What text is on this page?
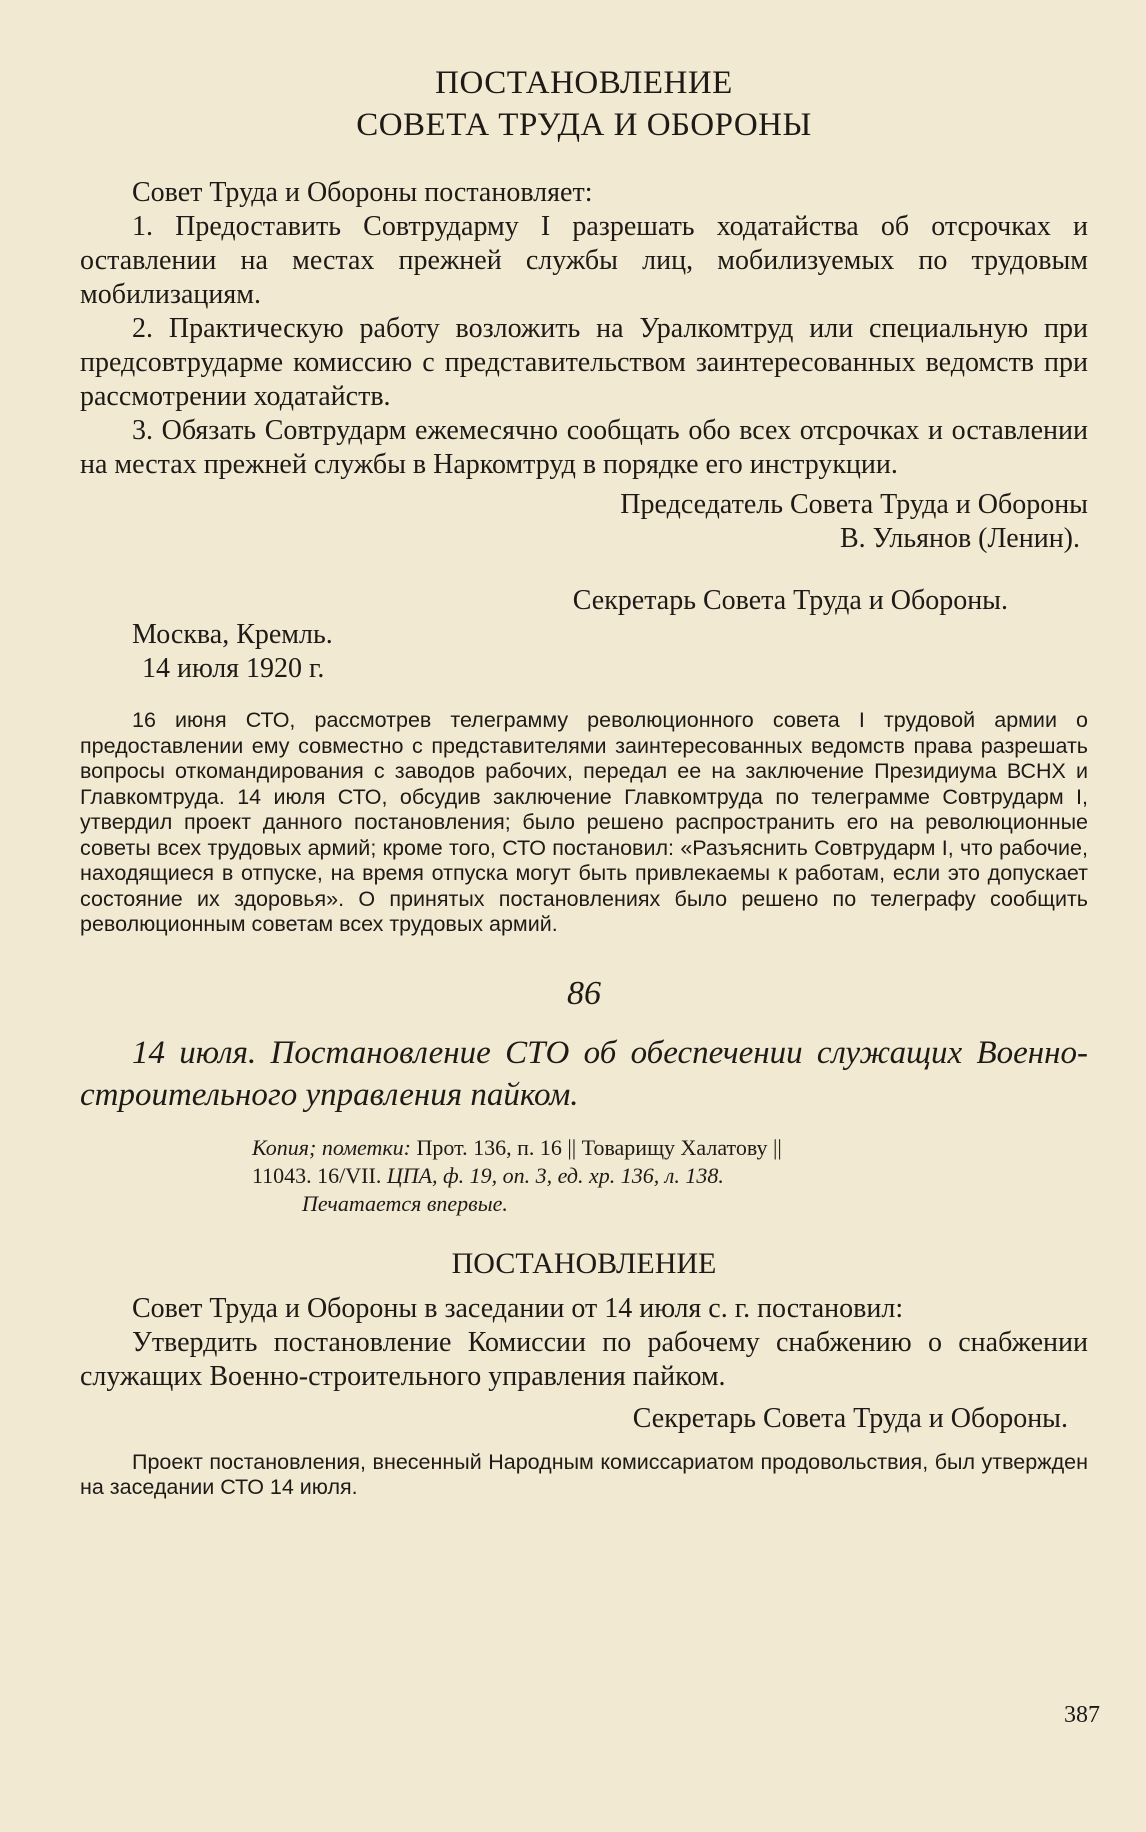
ПОСТАНОВЛЕНИЕ

СОВЕТА ТРУДА И ОБОРОНЫ

Совет Труда и Обороны постановляет:

1. Предоставить Совтрударму I разрешать ходатайства об отсрочках и оставлении на местах прежней службы лиц, мобилизуемых по трудовым мобилизациям.

2. Практическую работу возложить на Уралкомтруд или специальную при предсовтрударме комиссию с представительством заинтересованных ведомств при рассмотрении ходатайств.

3. Обязать Совтрударм ежемесячно сообщать обо всех отсрочках и оставлении на местах прежней службы в Наркомтруд в порядке его инструкции.

Председатель Совета Труда и Обороны

В. Ульянов (Ленин).

Секретарь Совета Труда и Обороны.

Москва, Кремль.

14 июля 1920 г.

16 июня СТО, рассмотрев телеграмму революционного совета I трудовой армии о предоставлении ему совместно с представителями заинтересованных ведомств права разрешать вопросы откомандирования с заводов рабочих, передал ее на заключение Президиума ВСНХ и Главкомтруда. 14 июля СТО, обсудив заключение Главкомтруда по телеграмме Совтрударм I, утвердил проект данного постановления; было решено распространить его на революционные советы всех трудовых армий; кроме того, СТО постановил: «Разъяснить Совтрударм I, что рабочие, находящиеся в отпуске, на время отпуска могут быть привлекаемы к работам, если это допускает состояние их здоровья». О принятых постановлениях было решено по телеграфу сообщить революционным советам всех трудовых армий.

86

14 июля. Постановление СТО об обеспечении служащих Военно-строительного управления пайком.

Копия; пометки: Прот. 136, п. 16 || Товарищу Халатову ||

11043. 16/VII. ЦПА, ф. 19, оп. 3, ед. хр. 136, л. 138.

Печатается впервые.

ПОСТАНОВЛЕНИЕ

Совет Труда и Обороны в заседании от 14 июля с. г. постановил:

Утвердить постановление Комиссии по рабочему снабжению о снабжении служащих Военно-строительного управления пайком.

Секретарь Совета Труда и Обороны.

Проект постановления, внесенный Народным комиссариатом продовольствия, был утвержден на заседании СТО 14 июля.

387
